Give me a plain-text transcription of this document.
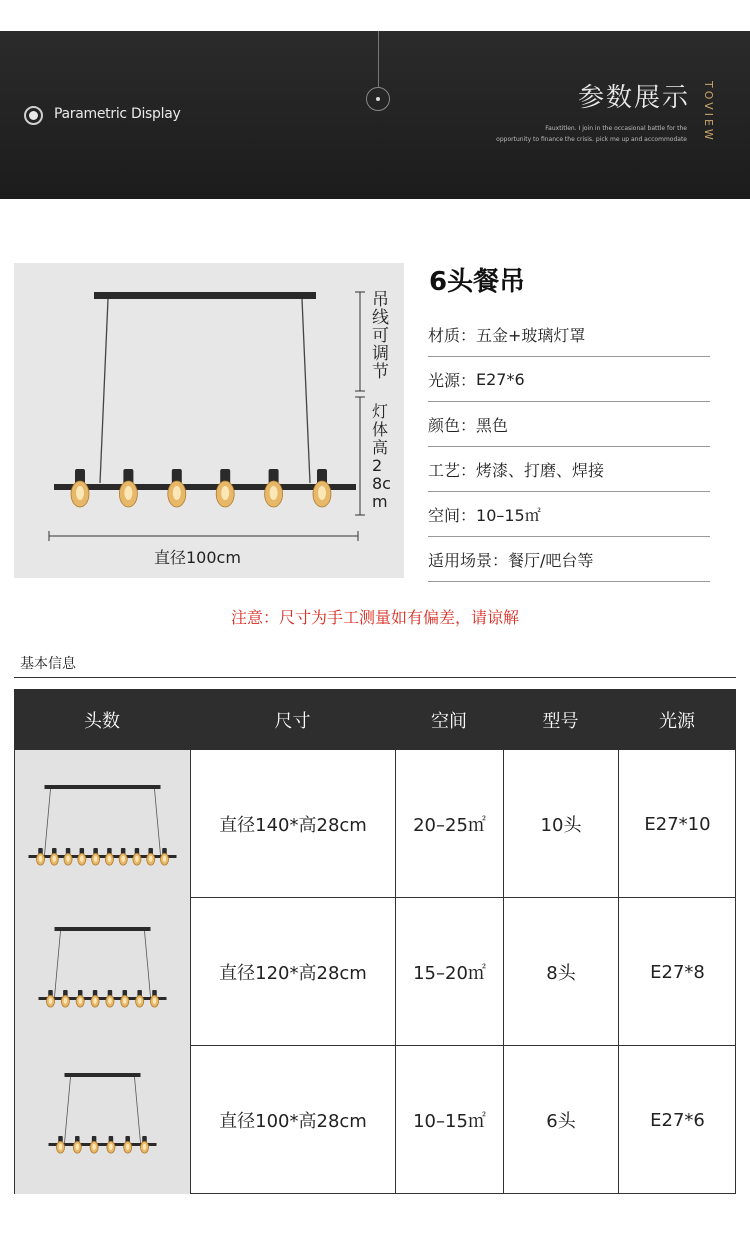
Parametric Display
参数展示 TOVIEW
Fauxtitlen. I join in the occasional battle for the
opportunity to finance the crisis. pick me up and accommodate
直径100cm
吊线可调节
灯体高28cm
6头餐吊
材质： 五金+玻璃灯罩
光源： E27*6
颜色： 黑色
工艺： 烤漆、打磨、焊接
空间： 10–15㎡
适用场景： 餐厅/吧台等
注意：尺寸为手工测量如有偏差，请谅解
基本信息
头数	尺寸	空间	型号	光源
直径140*高28cm	20–25㎡	10头	E27*10
直径120*高28cm	15–20㎡	8头	E27*8
直径100*高28cm	10–15㎡	6头	E27*6
